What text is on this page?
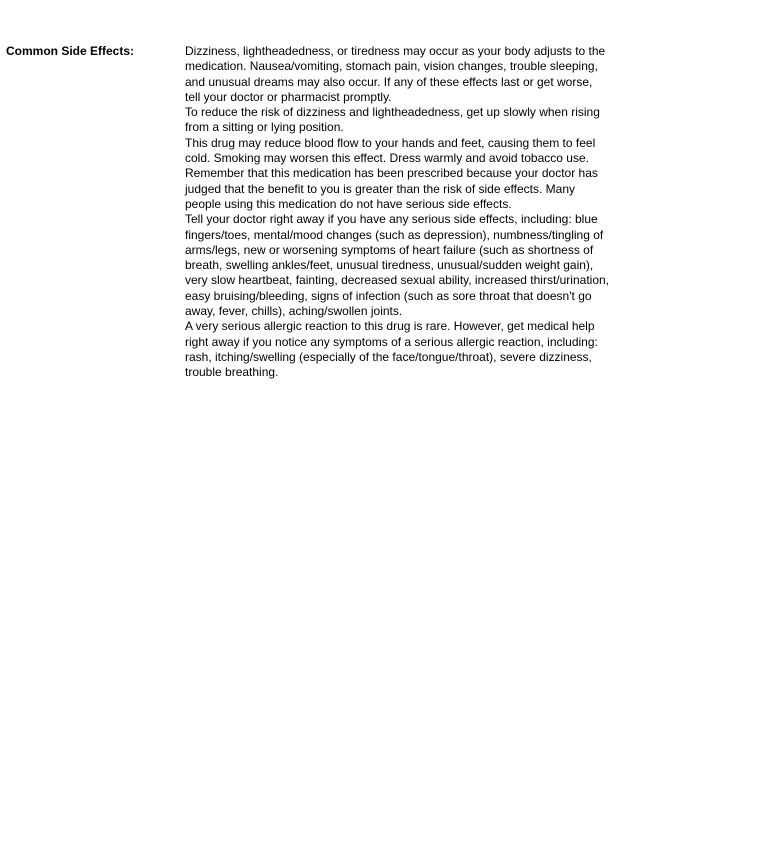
Common Side Effects:	Dizziness, lightheadedness, or tiredness may occur as your body adjusts to the medication. Nausea/vomiting, stomach pain, vision changes, trouble sleeping, and unusual dreams may also occur. If any of these effects last or get worse, tell your doctor or pharmacist promptly.

To reduce the risk of dizziness and lightheadedness, get up slowly when rising from a sitting or lying position.

This drug may reduce blood flow to your hands and feet, causing them to feel cold. Smoking may worsen this effect. Dress warmly and avoid tobacco use.

Remember that this medication has been prescribed because your doctor has judged that the benefit to you is greater than the risk of side effects. Many people using this medication do not have serious side effects.

Tell your doctor right away if you have any serious side effects, including: blue fingers/toes, mental/mood changes (such as depression), numbness/tingling of arms/legs, new or worsening symptoms of heart failure (such as shortness of breath, swelling ankles/feet, unusual tiredness, unusual/sudden weight gain), very slow heartbeat, fainting, decreased sexual ability, increased thirst/urination, easy bruising/bleeding, signs of infection (such as sore throat that doesn't go away, fever, chills), aching/swollen joints.

A very serious allergic reaction to this drug is rare. However, get medical help right away if you notice any symptoms of a serious allergic reaction, including: rash, itching/swelling (especially of the face/tongue/throat), severe dizziness, trouble breathing.
